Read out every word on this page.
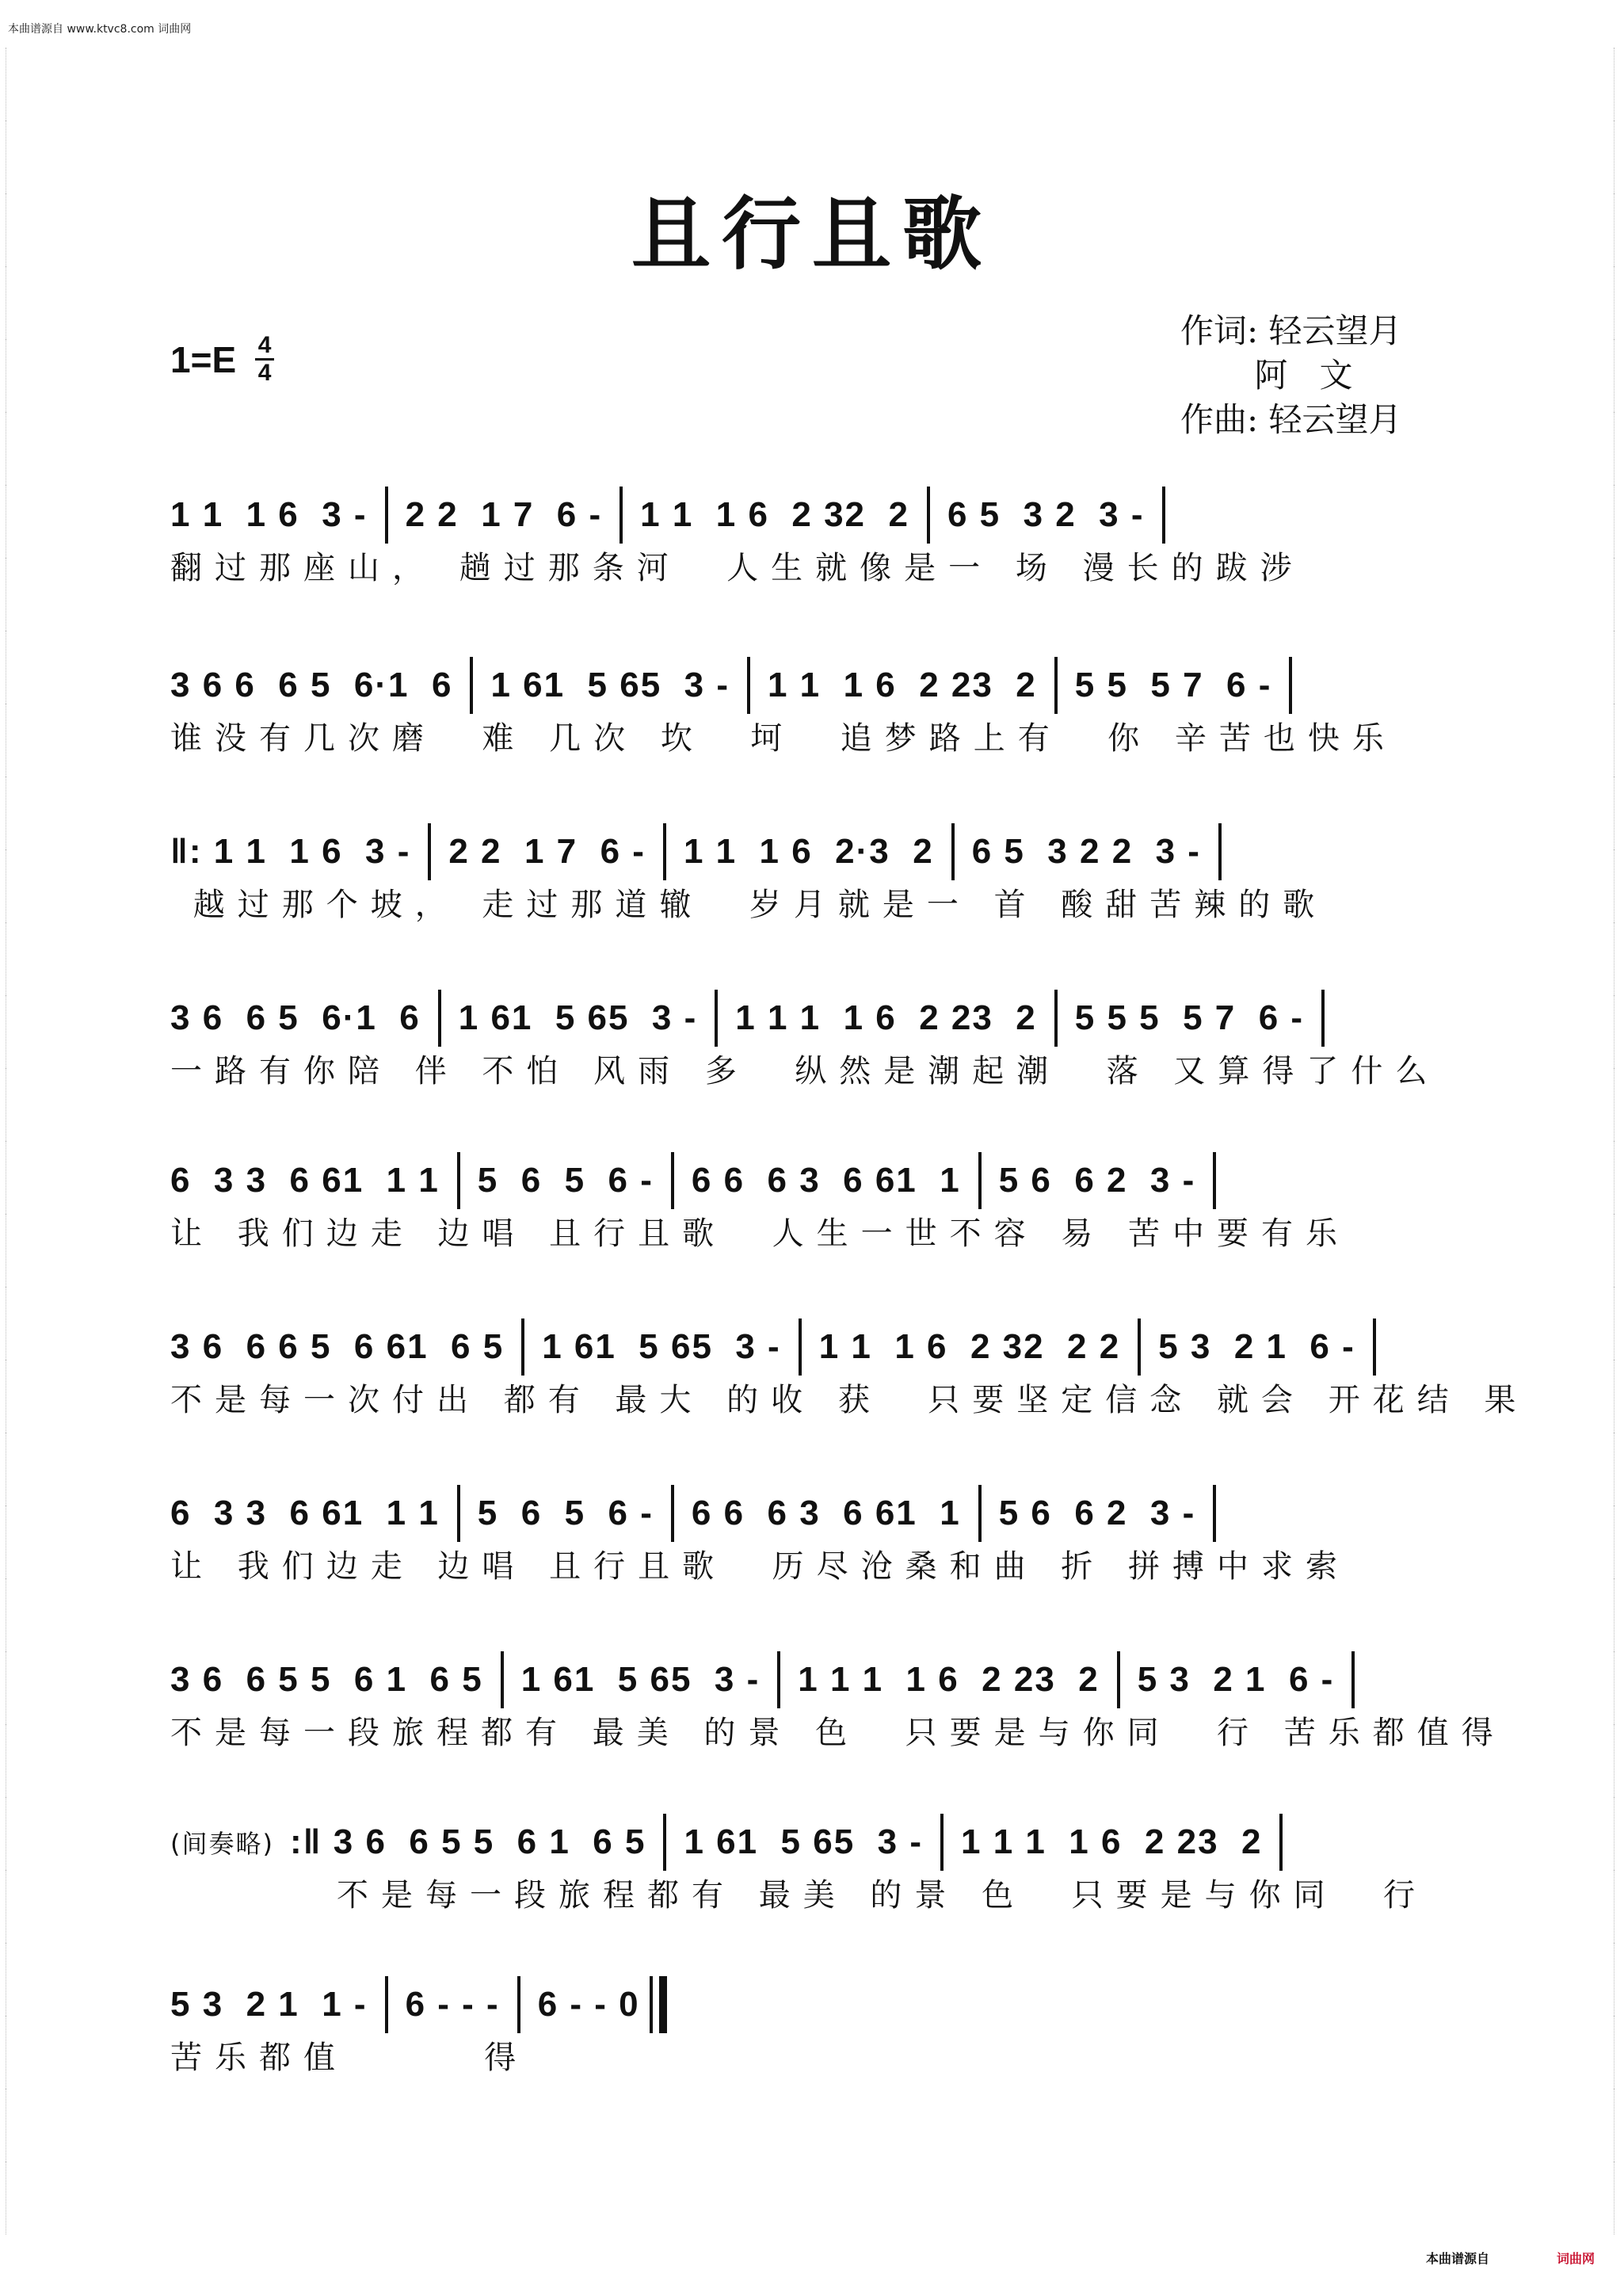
本曲谱源自 www.ktvc8.com 词曲网
且行且歌
$1=E \frac{4}{4}$
作词: 轻云望月
阿   文
作曲: 轻云望月
1 1  1 6  3 - 2 2  1 7  6 - 1 1  1 6  2 32  2 6 5  3 2  3 -
翻过那座山， 趟过那条河  人生就像是一 场 漫长的跋涉
3 6 6  6 5  6·1  6 1 61  5 65  3 - 1 1  1 6  2 23  2 5 5  5 7  6 -
谁没有几次磨  难 几次 坎  坷  追梦路上有  你 辛苦也快乐
‖: 1 1  1 6  3 - 2 2  1 7  6 - 1 1  1 6  2·3  2 6 5  3 2 2  3 -
越过那个坡， 走过那道辙  岁月就是一 首 酸甜苦辣的歌
3 6  6 5  6·1  6 1 61  5 65  3 - 1 1 1  1 6  2 23  2 5 5 5  5 7  6 -
一路有你陪 伴 不怕 风雨 多  纵然是潮起潮  落 又算得了什么
6  3 3  6 61  1 1 5  6  5  6 - 6 6  6 3  6 61  1 5 6  6 2  3 -
让 我们边走 边唱 且行且歌  人生一世不容 易 苦中要有乐
3 6  6 6 5  6 61  6 5 1 61  5 65  3 - 1 1  1 6  2 32  2 2 5 3  2 1  6 -
不是每一次付出 都有 最大 的收 获  只要坚定信念 就会 开花结 果
6  3 3  6 61  1 1 5  6  5  6 - 6 6  6 3  6 61  1 5 6  6 2  3 -
让 我们边走 边唱 且行且歌  历尽沧桑和曲 折 拼搏中求索
3 6  6 5 5  6 1  6 5 1 61  5 65  3 - 1 1 1  1 6  2 23  2 5 3  2 1  6 -
不是每一段旅程都有 最美 的景 色  只要是与你同  行 苦乐都值得
(间奏略) :‖ 3 6  6 5 5  6 1  6 5 1 61  5 65  3 - 1 1 1  1 6  2 23  2
不是每一段旅程都有 最美 的景 色  只要是与你同  行
5 3  2 1  1 - 6 - - - 6 - - 0
苦乐都值      得
本曲谱源自	词曲网
